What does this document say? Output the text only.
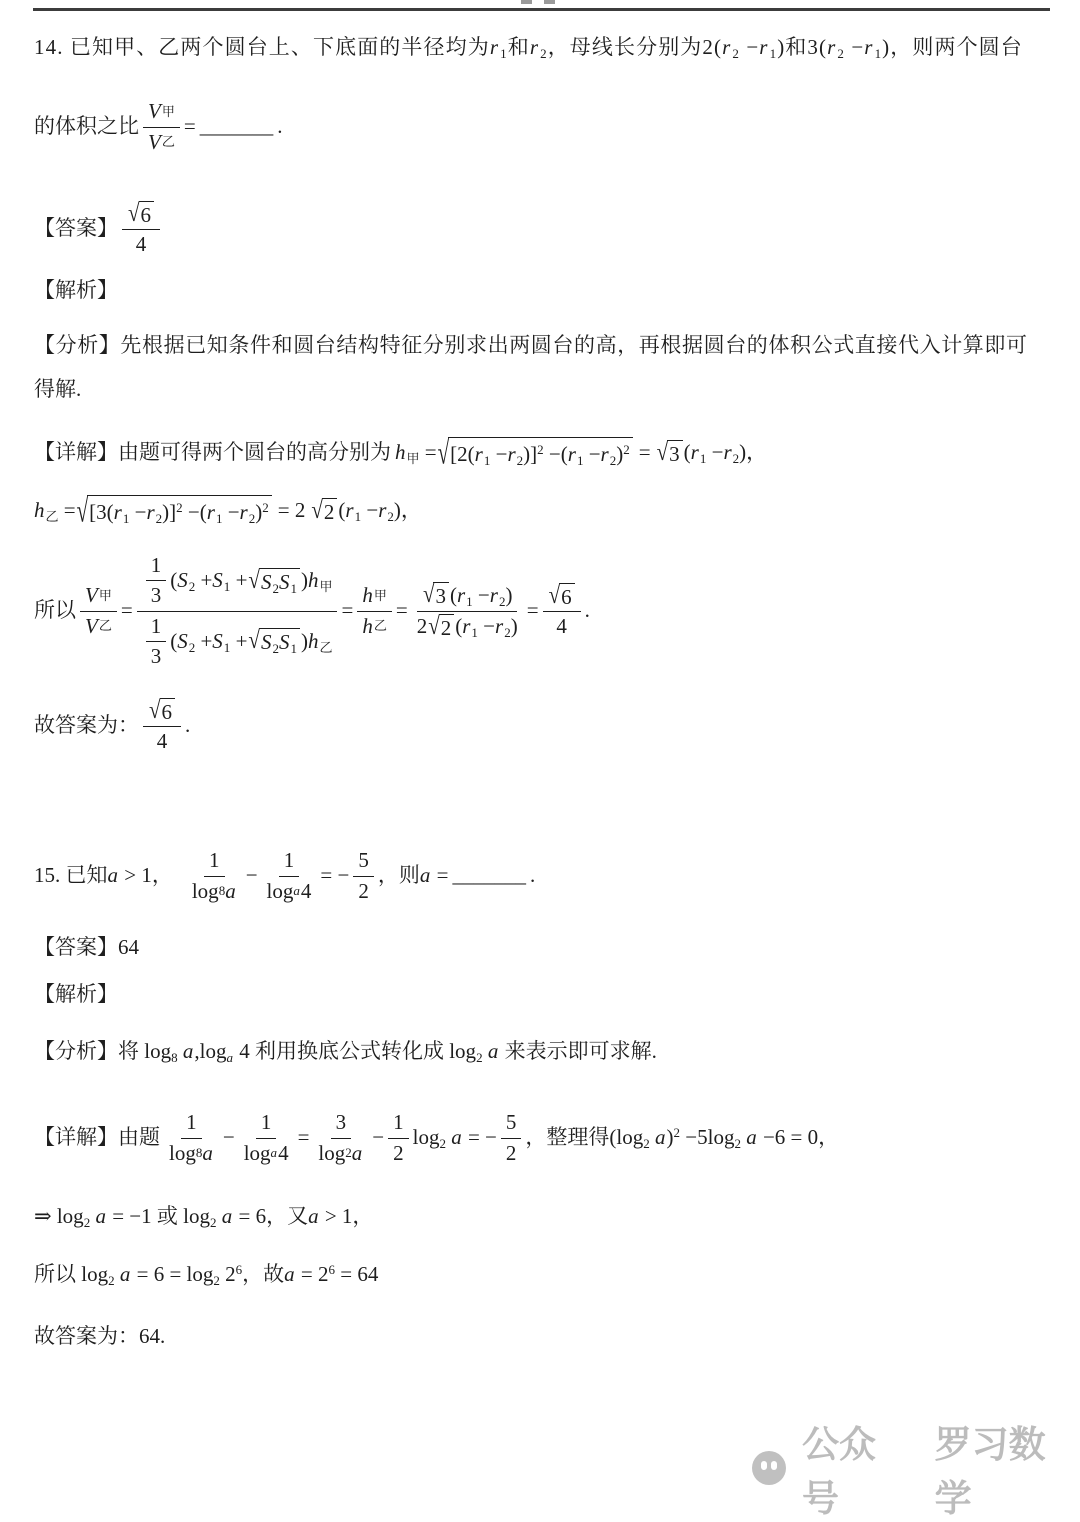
14. 已知甲、乙两个圆台上、下底面的半径均为 $r_1$ 和 $r_2$ ，母线长分别为 $2(r_2 -r_1)$ 和 $3(r_2 -r_1)$ ，则两个圆台
的体积之比 $\frac{\text{V 甲}}{\text{V 乙}}$ = _______ .
【答案】 $\frac{√ 6}{4}$
【解析】
【分析】 先根据已知条件和圆台结构特征分别求出两圆台的高，再根据圆台的体积公式直接代入计算即可
得解.
【详解】 由题可得两个圆台的高分别为 $h_甲$ = √ $[2(r_1 -r_2)]^2 -(r_1 -r_2)^2$ = √ 3 $(r_1 -r_2)$，
$h_乙$ = √ $[3(r_1 -r_2)]^2 -(r_1 -r_2)^2 = 2$ √ 2 $(r_1 -r_2)$，
所以 $\frac{\text{V 甲}}{\text{V 乙}}$ =
$\frac{1}{3} (S_2 +S_1$ + √ $S_2S_1$ )$h_甲$
$\frac{1}{3} (S_2 +S_1$ + √ $S_2S_1$ )$h_乙$
= $\frac{\text{h 甲}}{\text{h 乙}} = \frac{√ 3 (r_1 -r_2)}{2 √ 2 (r_1 -r_2)} = \frac{√ 6}{4}$ .
故答案为： $\frac{√ 6}{4}$ .
15. 已知a > 1， $\frac{1}{\log 8 a} - \frac{1}{\text{log a 4}}$ = − $\frac{5}{2}$ ，则a = _______ .
【答案】 64
【解析】
【分析】 将 $\log_8 a,\log_a$ 4 利用换底公式转化成 $\log_2 a$ 来表示即可求解.
【详解】由题 $\frac{1}{\log 8 a} - \frac{1}{\text{log a 4}} = \frac{3}{\log 2 a} - \frac{1}{2} \log_2 a$ = − $\frac{5}{2}$ ，整理得($\log_2$ $a)^2 -5\log_2$ a −6 = 0，
⇒ $\log_2 a = -1$ 或 $\log_2 a = 6$，又a > 1，
所以 $\log_2 a = 6 = \log_2 2^6$，故$a = 2^6 = 64$
故答案为：64.
公众号
罗习数学
